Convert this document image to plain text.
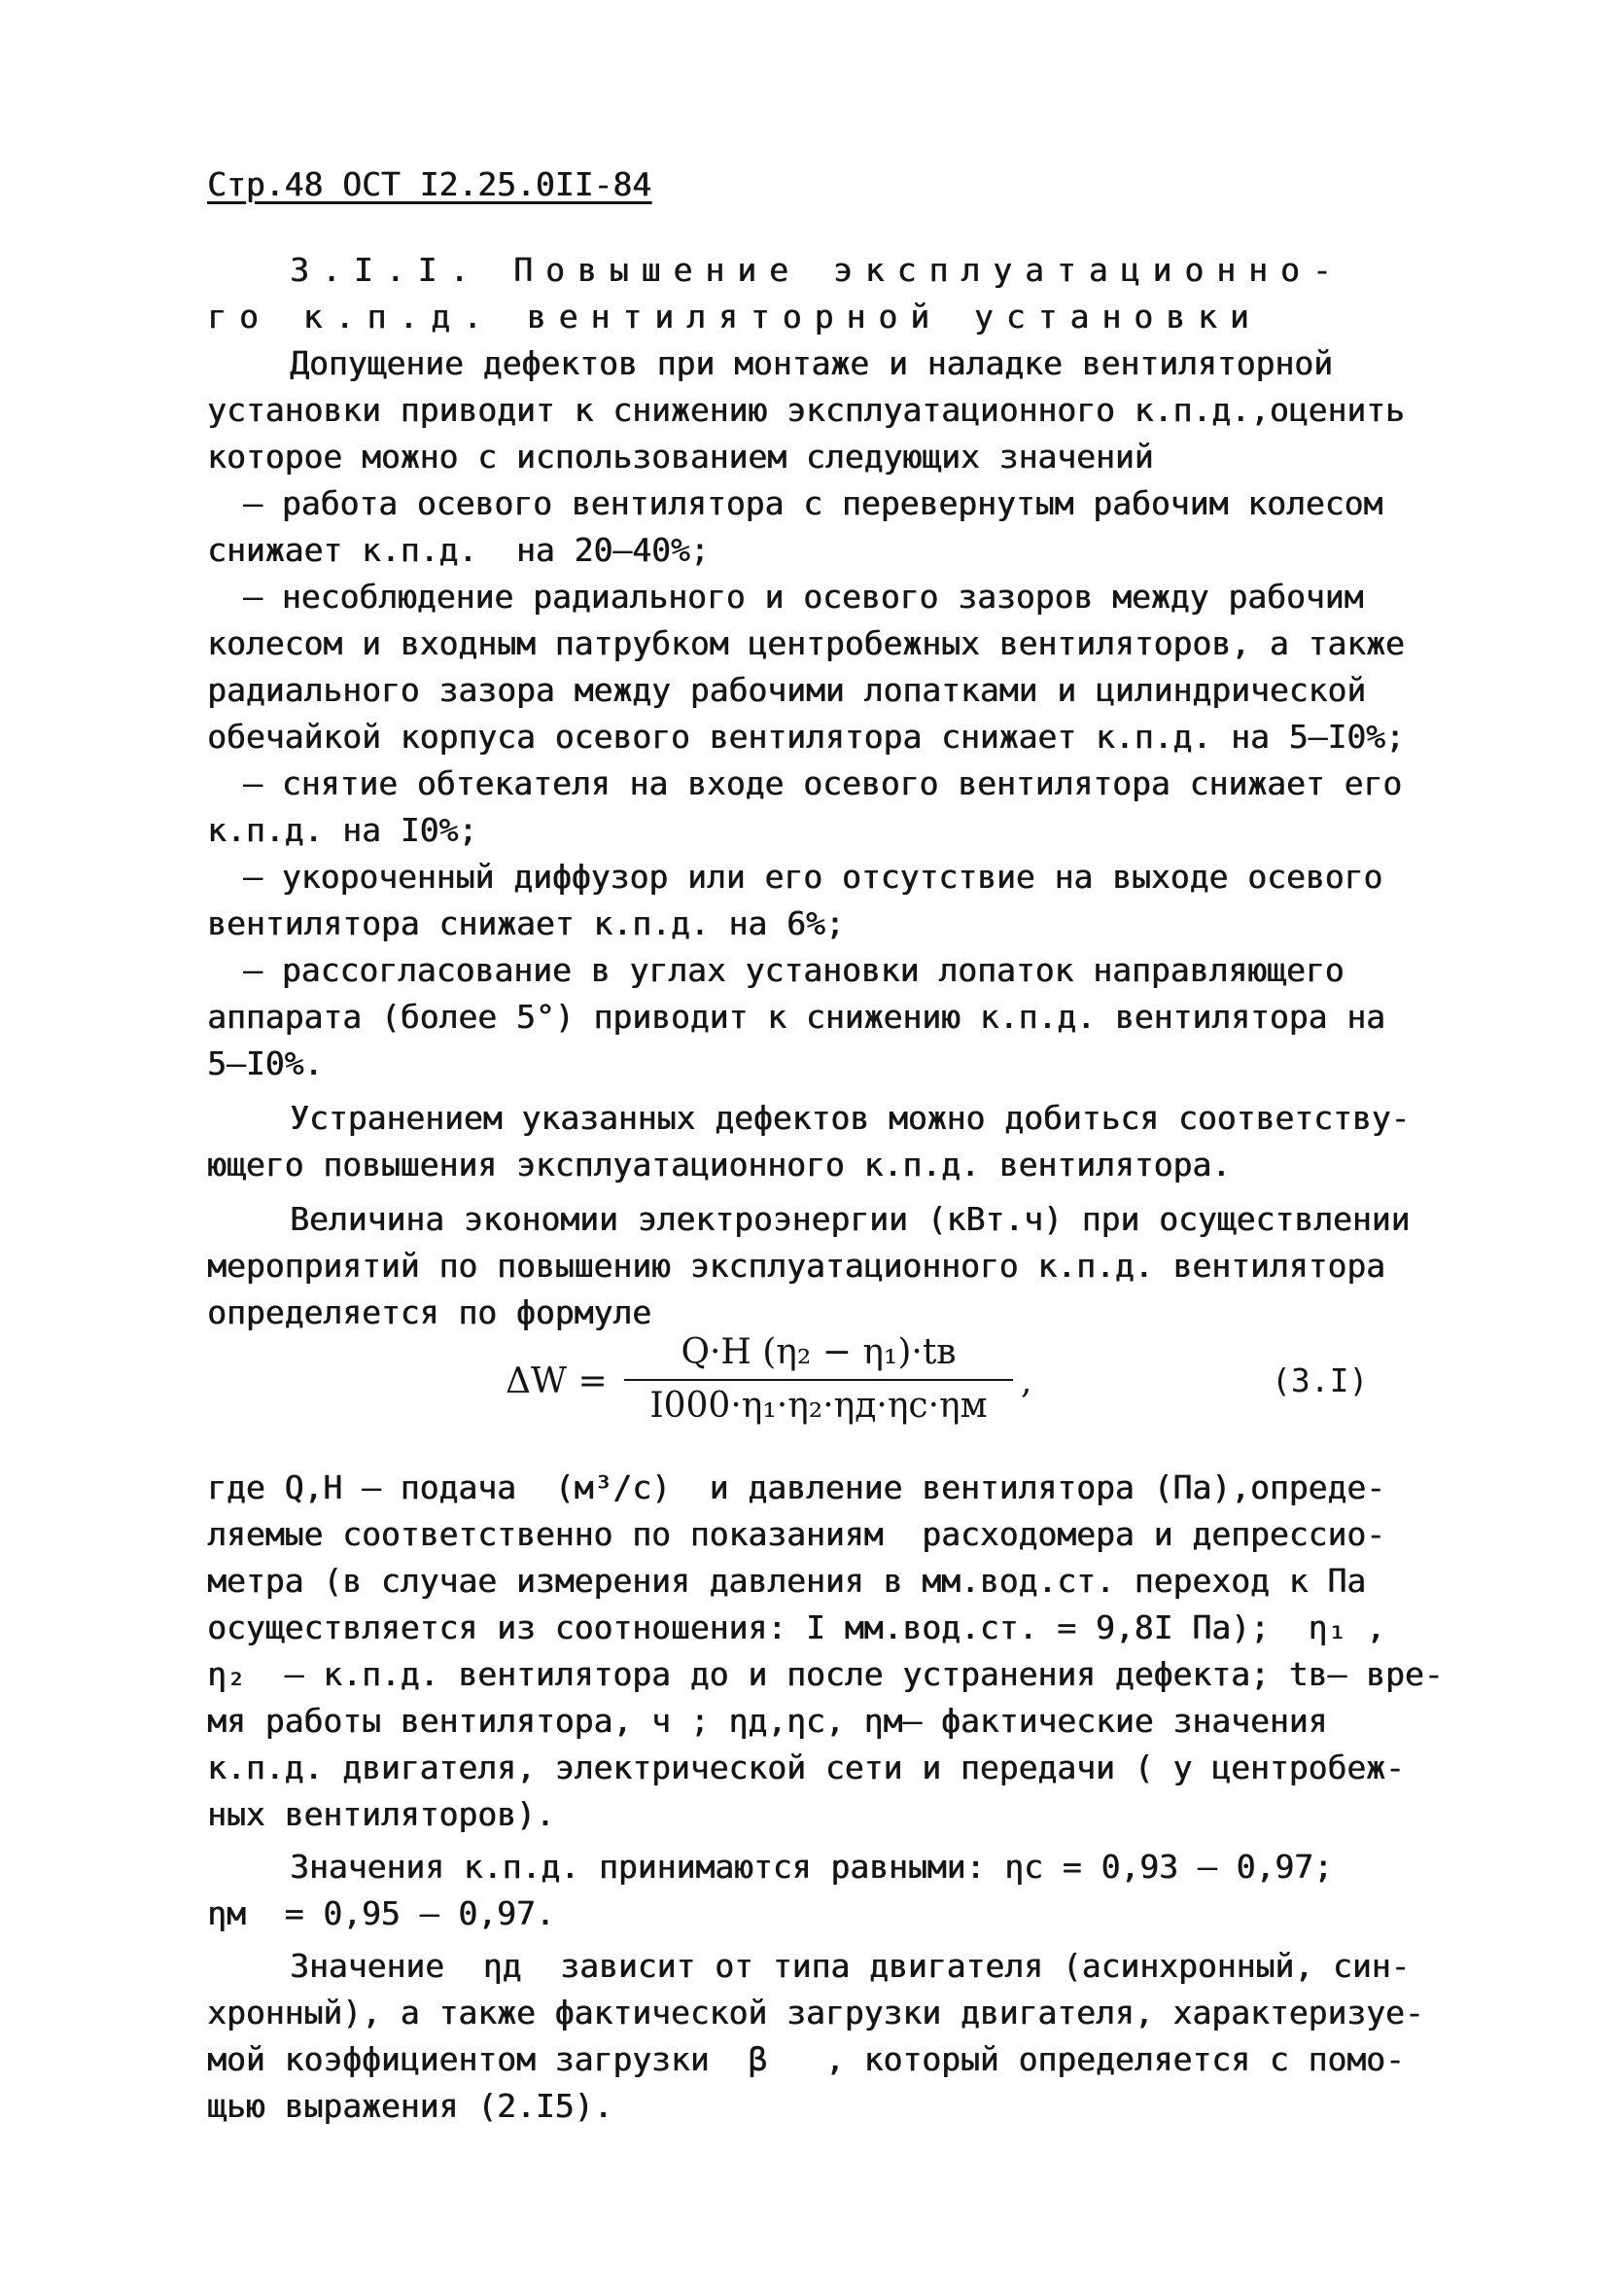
Стр.48 ОСТ I2.25.0II-84
3.I.I. Повышение эксплуатационно-
го к.п.д. вентиляторной установки
Допущение дефектов при монтаже и наладке вентиляторной
установки приводит к снижению эксплуатационного к.п.д.,оценить
которое можно с использованием следующих значений
– работа осевого вентилятора с перевернутым рабочим колесом
снижает к.п.д.  на 20–40%;
– несоблюдение радиального и осевого зазоров между рабочим
колесом и входным патрубком центробежных вентиляторов, а также
радиального зазора между рабочими лопатками и цилиндрической
обечайкой корпуса осевого вентилятора снижает к.п.д. на 5–I0%;
– снятие обтекателя на входе осевого вентилятора снижает его
к.п.д. на I0%;
– укороченный диффузор или его отсутствие на выходе осевого
вентилятора снижает к.п.д. на 6%;
– рассогласование в углах установки лопаток направляющего
аппарата (более 5°) приводит к снижению к.п.д. вентилятора на
5–I0%.
Устранением указанных дефектов можно добиться соответству-
ющего повышения эксплуатационного к.п.д. вентилятора.
Величина экономии электроэнергии (кВт.ч) при осуществлении
мероприятий по повышению эксплуатационного к.п.д. вентилятора
определяется по формуле
ΔW =
Q·H (η₂ − η₁)·tв
I000·η₁·η₂·ηд·ηс·ηм
,	(3.I)
где Q,H – подача  (м³/с)  и давление вентилятора (Па),опреде-
ляемые соответственно по показаниям  расходомера и депрессио-
метра (в случае измерения давления в мм.вод.ст. переход к Па
осуществляется из соотношения: I мм.вод.ст. = 9,8I Па);  η₁ ,
η₂  – к.п.д. вентилятора до и после устранения дефекта; tв– вре-
мя работы вентилятора, ч ; ηд,ηс, ηм– фактические значения
к.п.д. двигателя, электрической сети и передачи ( у центробеж-
ных вентиляторов).
Значения к.п.д. принимаются равными: ηс = 0,93 – 0,97;
ηм  = 0,95 – 0,97.
Значение  ηд  зависит от типа двигателя (асинхронный, син-
хронный), а также фактической загрузки двигателя, характеризуе-
мой коэффициентом загрузки  β   , который определяется с помо-
щью выражения (2.I5).
